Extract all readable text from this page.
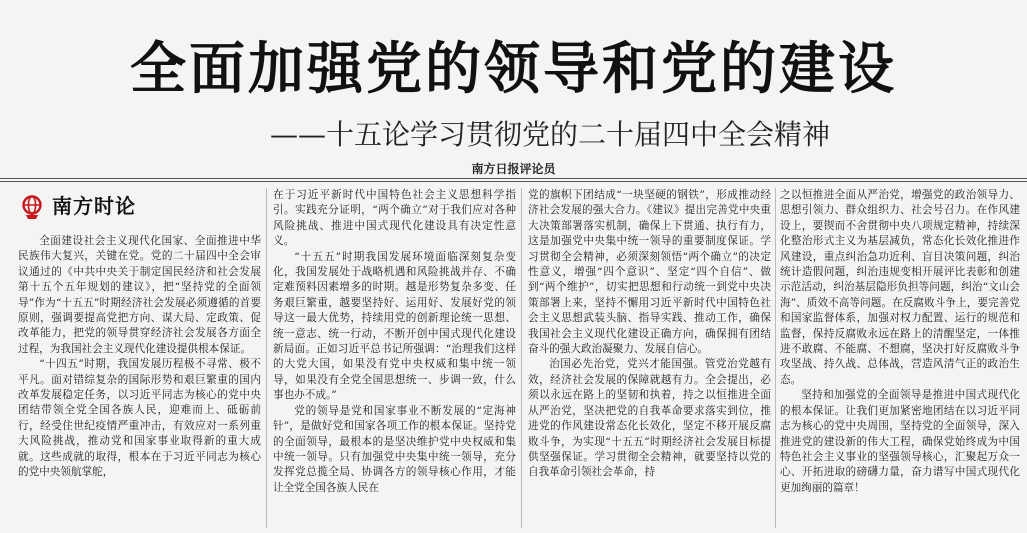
全面加强党的领导和党的建设
——十五论学习贯彻党的二十届四中全会精神
南方日报评论员
南方时论

全面建设社会主义现代化国家、全面推进中华民族伟大复兴，关键在党。党的二十届四中全会审议通过的《中共中央关于制定国民经济和社会发展第十五个五年规划的建议》，把“坚持党的全面领导”作为“十五五”时期经济社会发展必须遵循的首要原则，强调要提高党把方向、谋大局、定政策、促改革能力，把党的领导贯穿经济社会发展各方面全过程，为我国社会主义现代化建设提供根本保证。

“十四五”时期，我国发展历程极不寻常、极不平凡。面对错综复杂的国际形势和艰巨繁重的国内改革发展稳定任务，以习近平同志为核心的党中央团结带领全党全国各族人民，迎难而上、砥砺前行，经受住世纪疫情严重冲击，有效应对一系列重大风险挑战，推动党和国家事业取得新的重大成就。这些成就的取得，根本在于习近平同志为核心的党中央领航掌舵，

在于习近平新时代中国特色社会主义思想科学指引。实践充分证明，“两个确立”对于我们应对各种风险挑战、推进中国式现代化建设具有决定性意义。

“十五五”时期我国发展环境面临深刻复杂变化，我国发展处于战略机遇和风险挑战并存、不确定难预料因素增多的时期。越是形势复杂多变、任务艰巨繁重，越要坚持好、运用好、发展好党的领导这一最大优势，持续用党的创新理论统一思想、统一意志、统一行动，不断开创中国式现代化建设新局面。正如习近平总书记所强调：“治理我们这样的大党大国，如果没有党中央权威和集中统一领导，如果没有全党全国思想统一、步调一致，什么事也办不成。”

党的领导是党和国家事业不断发展的“定海神针”，是做好党和国家各项工作的根本保证。坚持党的全面领导，最根本的是坚决维护党中央权威和集中统一领导。只有加强党中央集中统一领导，充分发挥党总揽全局、协调各方的领导核心作用，才能让全党全国各族人民在

党的旗帜下团结成“一块坚硬的钢铁”，形成推动经济社会发展的强大合力。《建议》提出完善党中央重大决策部署落实机制，确保上下贯通、执行有力，这是加强党中央集中统一领导的重要制度保证。学习贯彻全会精神，必须深刻领悟“两个确立”的决定性意义，增强“四个意识”、坚定“四个自信”、做到“两个维护”，切实把思想和行动统一到党中央决策部署上来，坚持不懈用习近平新时代中国特色社会主义思想武装头脑、指导实践、推动工作，确保我国社会主义现代化建设正确方向，确保拥有团结奋斗的强大政治凝聚力、发展自信心。

治国必先治党，党兴才能国强。管党治党越有效，经济社会发展的保障就越有力。全会提出，必须以永远在路上的坚韧和执着，持之以恒推进全面从严治党，坚决把党的自我革命要求落实到位，推进党的作风建设常态化长效化，坚定不移开展反腐败斗争，为实现“十五五”时期经济社会发展目标提供坚强保证。学习贯彻全会精神，就要坚持以党的自我革命引领社会革命，持

之以恒推进全面从严治党，增强党的政治领导力、思想引领力、群众组织力、社会号召力。在作风建设上，要锲而不舍贯彻中央八项规定精神，持续深化整治形式主义为基层减负，常态化长效化推进作风建设，重点纠治急功近利、盲目决策问题，纠治统计造假问题，纠治违规变相开展评比表彰和创建示范活动，纠治基层隐形负担等问题，纠治“文山会海”、质效不高等问题。在反腐败斗争上，要完善党和国家监督体系，加强对权力配置、运行的规范和监督，保持反腐败永远在路上的清醒坚定，一体推进不敢腐、不能腐、不想腐，坚决打好反腐败斗争攻坚战、持久战、总体战，营造风清气正的政治生态。

坚持和加强党的全面领导是推进中国式现代化的根本保证。让我们更加紧密地团结在以习近平同志为核心的党中央周围，坚持党的全面领导，深入推进党的建设新的伟大工程，确保党始终成为中国特色社会主义事业的坚强领导核心，汇聚起万众一心、开拓进取的磅礴力量，奋力谱写中国式现代化更加绚丽的篇章！
